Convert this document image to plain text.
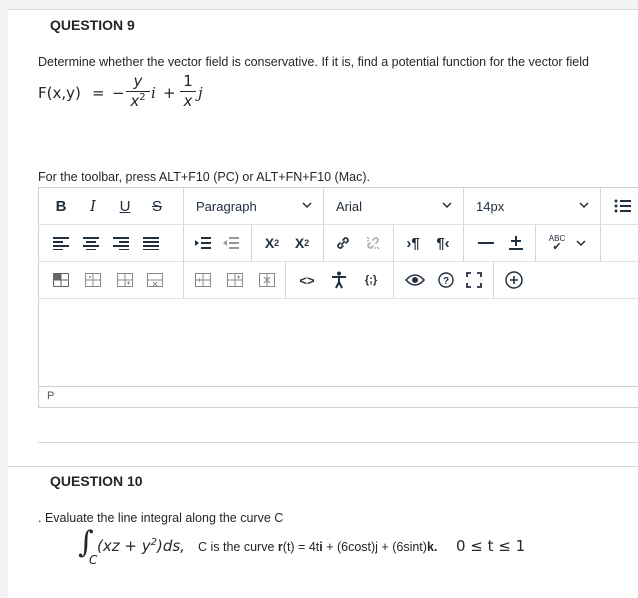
QUESTION 9
Determine whether the vector field is conservative. If it is, find a potential function for the vector field
F(x,y) = − $\frac{y}{x^2}$ $i + \frac{1}{x}$ j
For the toolbar, press ALT+F10 (PC) or ALT+FN+F10 (Mac).
B	I	U	S	Paragraph	Arial	14px
X 2 X 2	›¶ ¶‹	ABC
✔
<>	{;}	?
P
QUESTION 10
. Evaluate the line integral along the curve C
∫
C
$(xz + y^2)ds$, C is the curve r(t) = 4ti + (6cost)j + (6sint)k. 0 ≤ t ≤ 1
